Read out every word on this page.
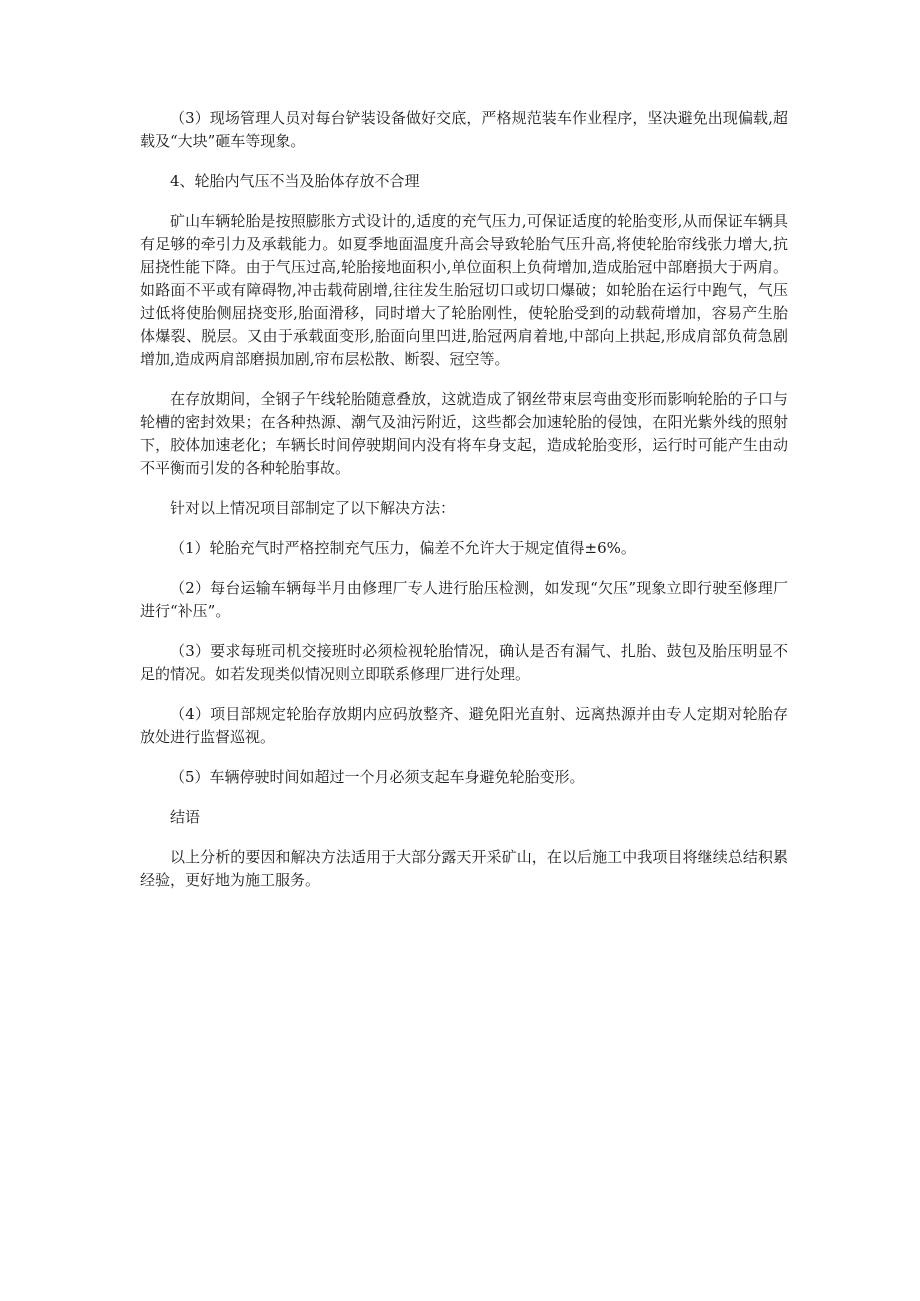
（3）现场管理人员对每台铲装设备做好交底，严格规范装车作业程序，坚决避免出现偏载,超载及“大块”砸车等现象。

4、轮胎内气压不当及胎体存放不合理

矿山车辆轮胎是按照膨胀方式设计的,适度的充气压力,可保证适度的轮胎变形,从而保证车辆具有足够的牵引力及承载能力。如夏季地面温度升高会导致轮胎气压升高,将使轮胎帘线张力增大,抗屈挠性能下降。由于气压过高,轮胎接地面积小,单位面积上负荷增加,造成胎冠中部磨损大于两肩。如路面不平或有障碍物,冲击载荷剧增,往往发生胎冠切口或切口爆破；如轮胎在运行中跑气，气压过低将使胎侧屈挠变形,胎面滑移，同时增大了轮胎刚性，使轮胎受到的动载荷增加，容易产生胎体爆裂、脱层。又由于承载面变形,胎面向里凹进,胎冠两肩着地,中部向上拱起,形成肩部负荷急剧增加,造成两肩部磨损加剧,帘布层松散、断裂、冠空等。

在存放期间，全钢子午线轮胎随意叠放，这就造成了钢丝带束层弯曲变形而影响轮胎的子口与轮槽的密封效果；在各种热源、潮气及油污附近，这些都会加速轮胎的侵蚀，在阳光紫外线的照射下，胶体加速老化；车辆长时间停驶期间内没有将车身支起，造成轮胎变形，运行时可能产生由动不平衡而引发的各种轮胎事故。

针对以上情况项目部制定了以下解决方法：

（1）轮胎充气时严格控制充气压力，偏差不允许大于规定值得±6%。

（2）每台运输车辆每半月由修理厂专人进行胎压检测，如发现“欠压”现象立即行驶至修理厂进行“补压”。

（3）要求每班司机交接班时必须检视轮胎情况，确认是否有漏气、扎胎、鼓包及胎压明显不足的情况。如若发现类似情况则立即联系修理厂进行处理。

（4）项目部规定轮胎存放期内应码放整齐、避免阳光直射、远离热源并由专人定期对轮胎存放处进行监督巡视。

（5）车辆停驶时间如超过一个月必须支起车身避免轮胎变形。

结语

以上分析的要因和解决方法适用于大部分露天开采矿山，在以后施工中我项目将继续总结积累经验，更好地为施工服务。
